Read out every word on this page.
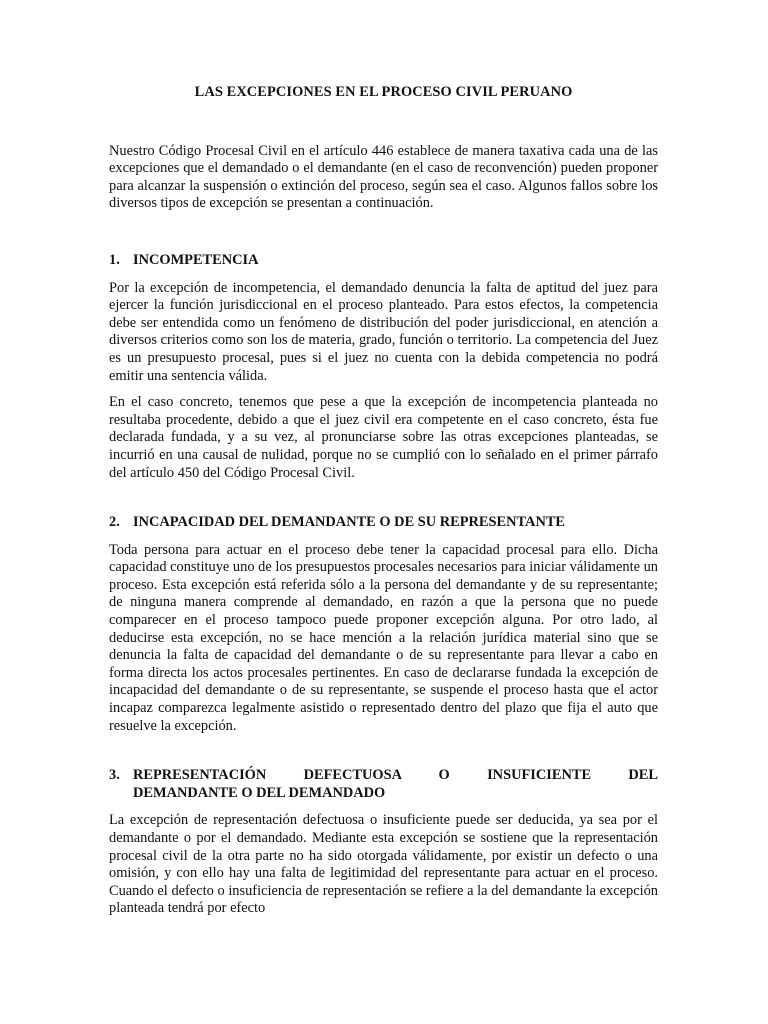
LAS EXCEPCIONES EN EL PROCESO CIVIL PERUANO

Nuestro Código Procesal Civil en el artículo 446 establece de manera taxativa cada una de las excepciones que el demandado o el demandante (en el caso de reconvención) pueden proponer para alcanzar la suspensión o extinción del proceso, según sea el caso. Algunos fallos sobre los diversos tipos de excepción se presentan a continuación.

1. INCOMPETENCIA

Por la excepción de incompetencia, el demandado denuncia la falta de aptitud del juez para ejercer la función jurisdiccional en el proceso planteado. Para estos efectos, la competencia debe ser entendida como un fenómeno de distribución del poder jurisdiccional, en atención a diversos criterios como son los de materia, grado, función o territorio. La competencia del Juez es un presupuesto procesal, pues si el juez no cuenta con la debida competencia no podrá emitir una sentencia válida.

En el caso concreto, tenemos que pese a que la excepción de incompetencia planteada no resultaba procedente, debido a que el juez civil era competente en el caso concreto, ésta fue declarada fundada, y a su vez, al pronunciarse sobre las otras excepciones planteadas, se incurrió en una causal de nulidad, porque no se cumplió con lo señalado en el primer párrafo del artículo 450 del Código Procesal Civil.

2. INCAPACIDAD DEL DEMANDANTE O DE SU REPRESENTANTE

Toda persona para actuar en el proceso debe tener la capacidad procesal para ello. Dicha capacidad constituye uno de los presupuestos procesales necesarios para iniciar válidamente un proceso. Esta excepción está referida sólo a la persona del demandante y de su representante; de ninguna manera comprende al demandado, en razón a que la persona que no puede comparecer en el proceso tampoco puede proponer excepción alguna. Por otro lado, al deducirse esta excepción, no se hace mención a la relación jurídica material sino que se denuncia la falta de capacidad del demandante o de su representante para llevar a cabo en forma directa los actos procesales pertinentes. En caso de declararse fundada la excepción de incapacidad del demandante o de su representante, se suspende el proceso hasta que el actor incapaz comparezca legalmente asistido o representado dentro del plazo que fija el auto que resuelve la excepción.

3. REPRESENTACIÓN DEFECTUOSA O INSUFICIENTE DEL
DEMANDANTE O DEL DEMANDADO

La excepción de representación defectuosa o insuficiente puede ser deducida, ya sea por el demandante o por el demandado. Mediante esta excepción se sostiene que la representación procesal civil de la otra parte no ha sido otorgada válidamente, por existir un defecto o una omisión, y con ello hay una falta de legitimidad del representante para actuar en el proceso. Cuando el defecto o insuficiencia de representación se refiere a la del demandante la excepción planteada tendrá por efecto
